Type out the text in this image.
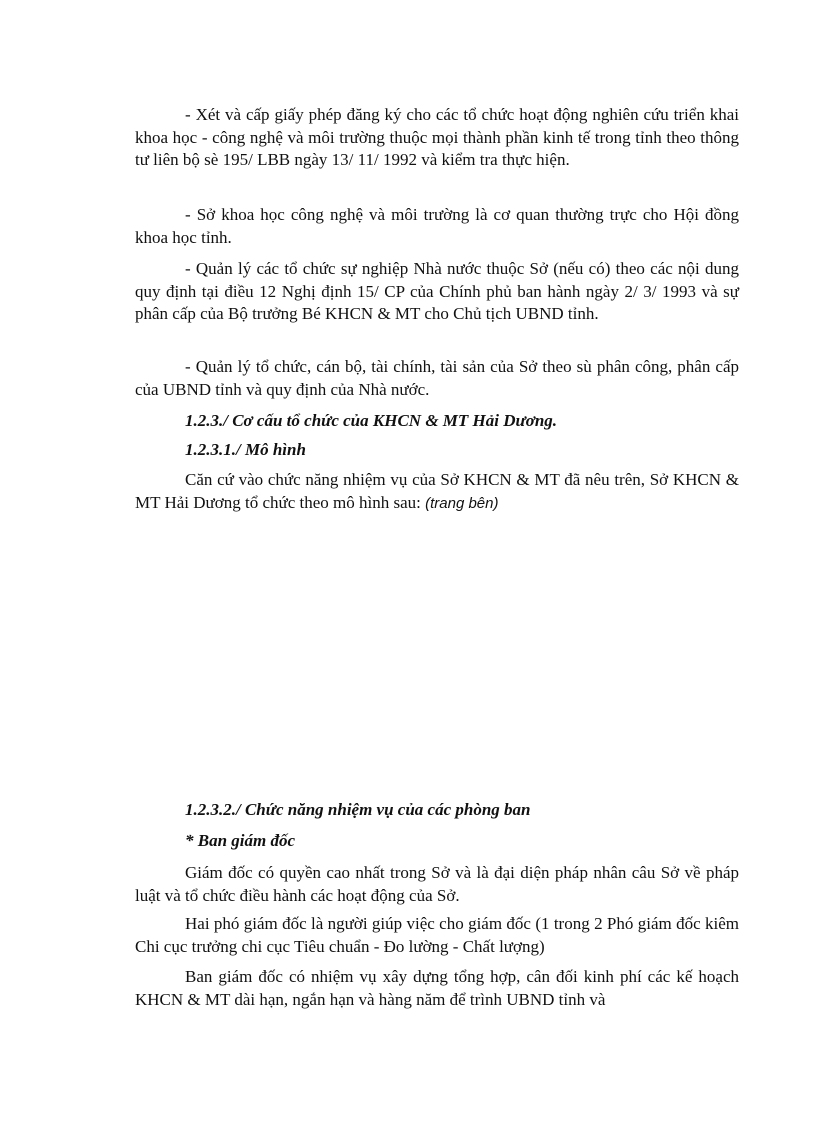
- Xét và cấp giấy phép đăng ký cho các tổ chức hoạt động nghiên cứu triển khai khoa học - công nghệ và môi trường thuộc mọi thành phần kinh tế trong tỉnh theo thông tư liên bộ sè 195/ LBB ngày 13/ 11/ 1992 và kiểm tra thực hiện.

- Sở khoa học công nghệ và môi trường là cơ quan thường trực cho Hội đồng khoa học tỉnh.

- Quản lý các tổ chức sự nghiệp Nhà nước thuộc Sở (nếu có) theo các nội dung quy định tại điều 12 Nghị định 15/ CP của Chính phủ ban hành ngày 2/ 3/ 1993 và sự phân cấp của Bộ trưởng Bé KHCN & MT cho Chủ tịch UBND tỉnh.

- Quản lý tổ chức, cán bộ, tài chính, tài sản của Sở theo sù phân công, phân cấp của UBND tỉnh và quy định của Nhà nước.

1.2.3./ Cơ cấu tổ chức của KHCN & MT Hải Dương.

1.2.3.1./ Mô hình

Căn cứ vào chức năng nhiệm vụ của Sở KHCN & MT đã nêu trên, Sở KHCN & MT Hải Dương tổ chức theo mô hình sau: (trang bên)

1.2.3.2./ Chức năng nhiệm vụ của các phòng ban

* Ban giám đốc

Giám đốc có quyền cao nhất trong Sở và là đại diện pháp nhân câu Sở về pháp luật và tổ chức điều hành các hoạt động của Sở.

Hai phó giám đốc là người giúp việc cho giám đốc (1 trong 2 Phó giám đốc kiêm Chi cục trưởng chi cục Tiêu chuẩn - Đo lường - Chất lượng)

Ban giám đốc có nhiệm vụ xây dựng tổng hợp, cân đối kinh phí các kế hoạch KHCN & MT dài hạn, ngắn hạn và hàng năm để trình UBND tỉnh và
